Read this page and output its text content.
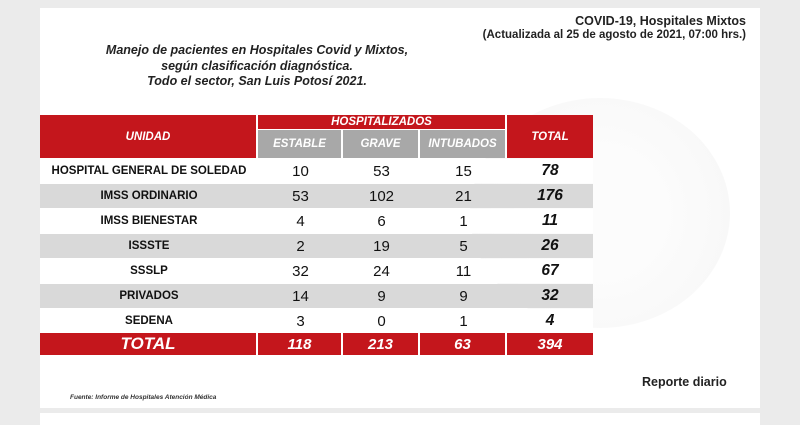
COVID-19, Hospitales Mixtos
(Actualizada al 25 de agosto de 2021, 07:00 hrs.)
Manejo de pacientes en Hospitales Covid y Mixtos,
según clasificación diagnóstica.
Todo el sector, San Luis Potosí 2021.
UNIDAD
HOSPITALIZADOS
ESTABLE	GRAVE	INTUBADOS
TOTAL
HOSPITAL GENERAL DE SOLEDAD	10	53	15	78
IMSS ORDINARIO	53	102	21	176
IMSS BIENESTAR	4	6	1	11
ISSSTE	2	19	5	26
SSSLP	32	24	11	67
PRIVADOS	14	9	9	32
SEDENA	3	0	1	4
TOTAL	118	213	63	394
Reporte diario
Fuente: Informe de Hospitales Atención Médica
